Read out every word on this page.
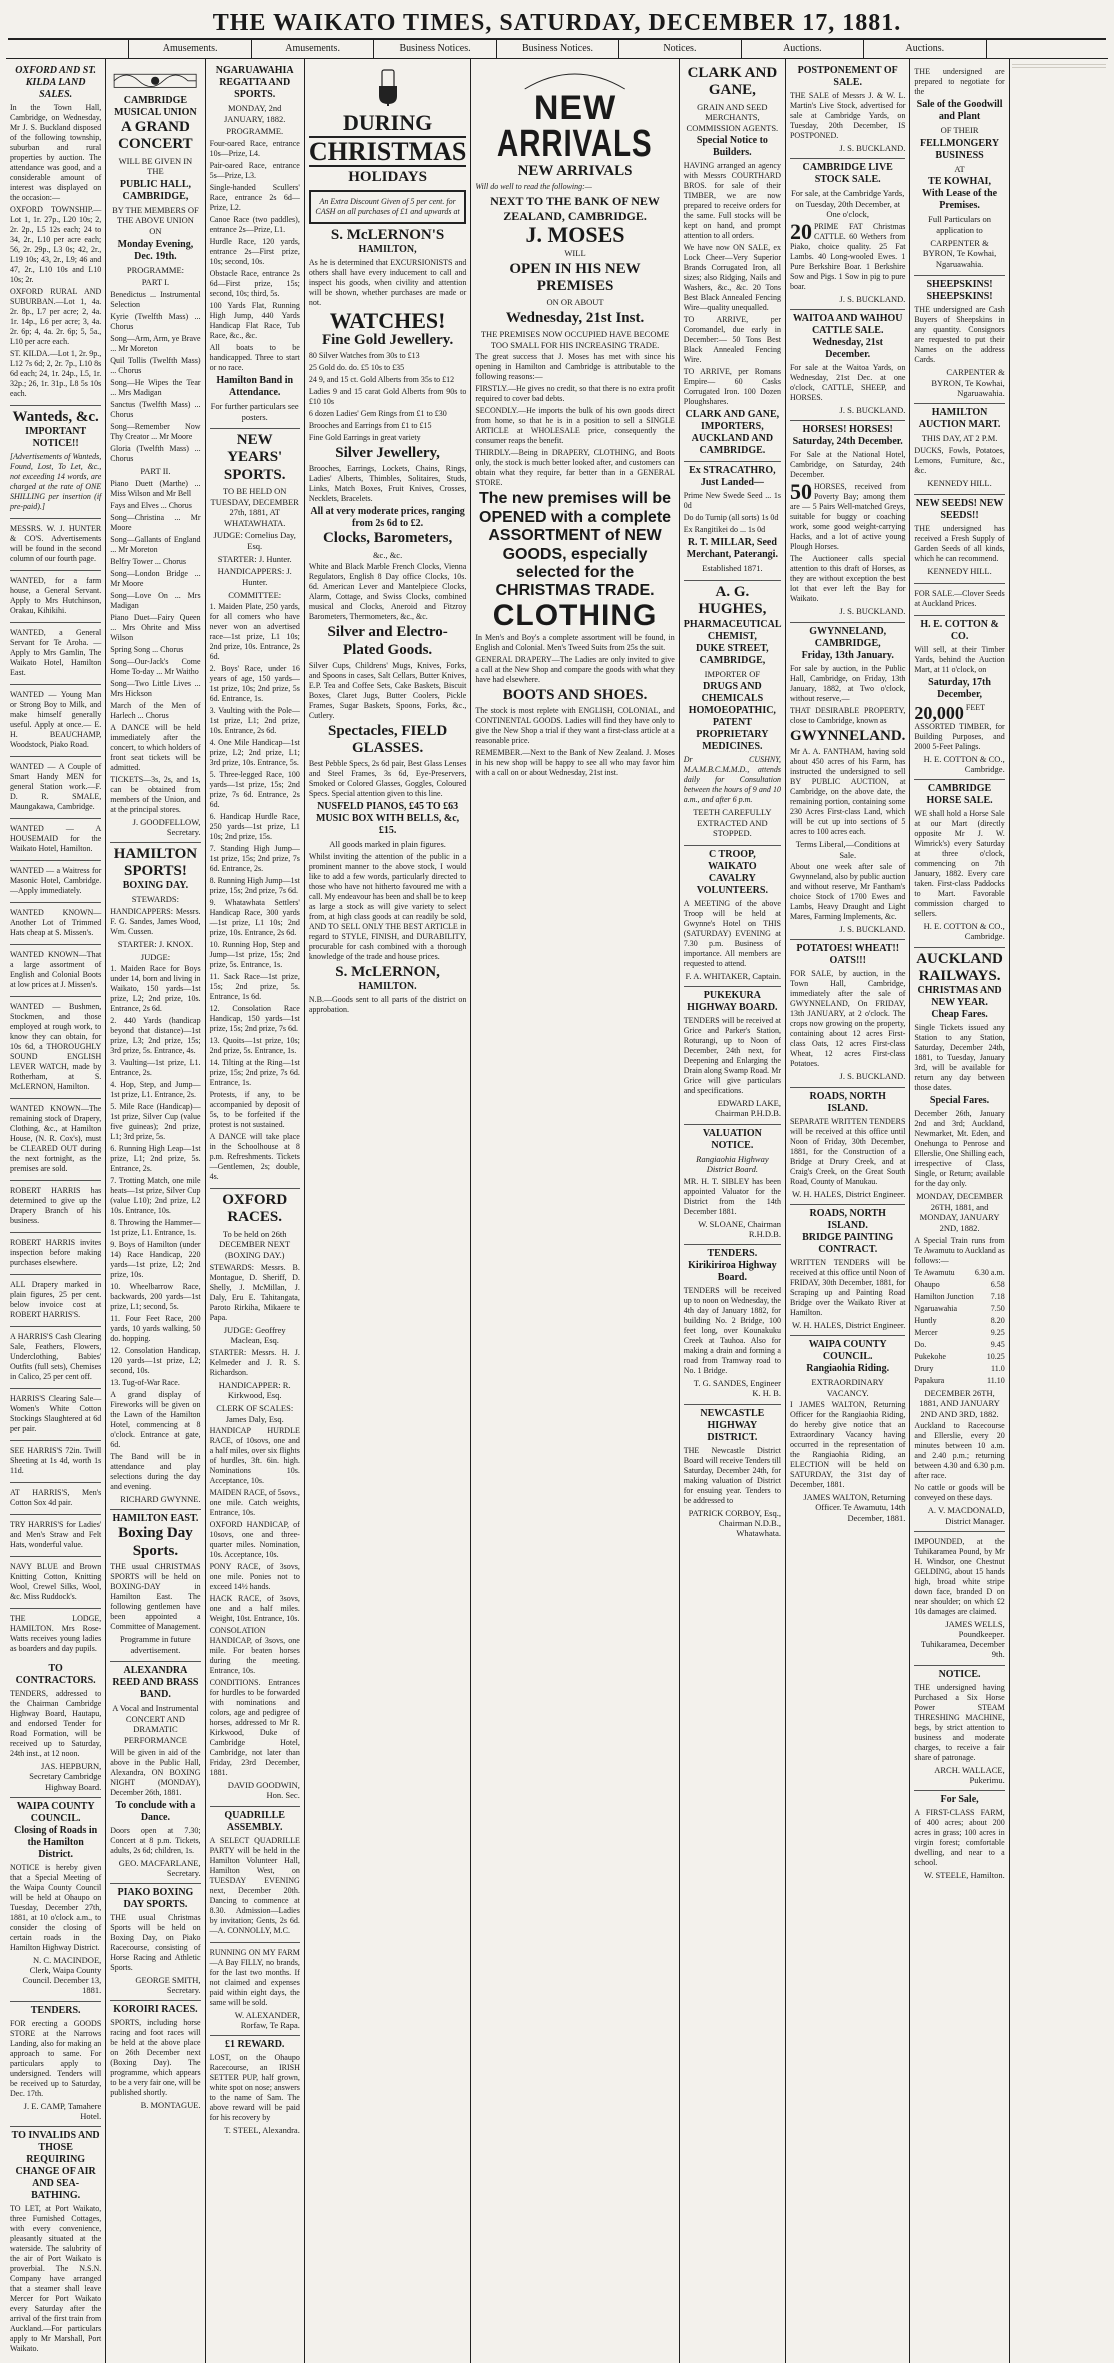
THE WAIKATO TIMES, SATURDAY, DECEMBER 17, 1881.
Amusements.	Amusements.	Business Notices.	Business Notices.	Notices.	Auctions.	Auctions.
OXFORD AND ST. KILDA LAND SALES.

In the Town Hall, Cambridge, on Wednesday, Mr J. S. Buckland disposed of the following township, suburban and rural properties by auction. The attendance was good, and a considerable amount of interest was displayed on the occasion:—

OXFORD TOWNSHIP.—Lot 1, 1r. 27p., L20 10s; 2, 2r. 2p., L5 12s each; 24 to 34, 2r., L10 per acre each; 56, 2r. 29p., L3 0s; 42, 2r., L19 10s; 43, 2r., L9; 46 and 47, 2r., L10 10s and L10 10s; 2r.

OXFORD RURAL AND SUBURBAN.—Lot 1, 4a. 2r. 8p., L7 per acre; 2, 4a. 1r. 14p., L6 per acre; 3, 4a. 2r. 6p; 4, 4a. 2r. 6p; 5, 5a., L10 per acre each.

ST. KILDA.—Lot 1, 2r. 9p., L12 7s 6d; 2, 2r. 7p., L10 8s 6d each; 24, 1r. 24p., L5, 1r. 32p.; 26, 1r. 31p., L8 5s 10s each.

Wanteds, &c.
IMPORTANT NOTICE!!

[Advertisements of Wanteds, Found, Lost, To Let, &c., not exceeding 14 words, are charged at the rate of ONE SHILLING per insertion (if pre-paid).]

MESSRS. W. J. HUNTER & CO'S. Advertisements will be found in the second column of our fourth page.

WANTED, for a farm house, a General Servant. Apply to Mrs Hutchinson, Orakau, Kihikihi.

WANTED, a General Servant for Te Aroha. — Apply to Mrs Gamlin, The Waikato Hotel, Hamilton East.

WANTED — Young Man or Strong Boy to Milk, and make himself generally useful. Apply at once.— E. H. BEAUCHAMP, Woodstock, Piako Road.

WANTED — A Couple of Smart Handy MEN for general Station work.—F. D. R. SMALE, Maungakawa, Cambridge.

WANTED — A HOUSEMAID for the Waikato Hotel, Hamilton.

WANTED — a Waitress for Masonic Hotel, Cambridge.—Apply immediately.

WANTED KNOWN—Another Lot of Trimmed Hats cheap at S. Missen's.

WANTED KNOWN—That a large assortment of English and Colonial Boots at low prices at J. Missen's.

WANTED — Bushmen, Stockmen, and those employed at rough work, to know they can obtain, for 10s 6d, a THOROUGHLY SOUND ENGLISH LEVER WATCH, made by Rotherham, at S. McLERNON, Hamilton.

WANTED KNOWN—The remaining stock of Drapery, Clothing, &c., at Hamilton House, (N. R. Cox's), must be CLEARED OUT during the next fortnight, as the premises are sold.

ROBERT HARRIS has determined to give up the Drapery Branch of his business.

ROBERT HARRIS invites inspection before making purchases elsewhere.

ALL Drapery marked in plain figures, 25 per cent. below invoice cost at ROBERT HARRIS'S.

A HARRIS'S Cash Clearing Sale, Feathers, Flowers, Underclothing, Babies' Outfits (full sets), Chemises in Calico, 25 per cent off.

HARRIS'S Clearing Sale—Women's White Cotton Stockings Slaughtered at 6d per pair.

SEE HARRIS'S 72in. Twill Sheeting at 1s 4d, worth 1s 11d.

AT HARRIS'S, Men's Cotton Sox 4d pair.

TRY HARRIS'S for Ladies' and Men's Straw and Felt Hats, wonderful value.

NAVY BLUE and Brown Knitting Cotton, Knitting Wool, Crewel Silks, Wool, &c. Miss Ruddock's.

THE LODGE, HAMILTON. Mrs Rose-Watts receives young ladies as boarders and day pupils.

TO CONTRACTORS.

TENDERS, addressed to the Chairman Cambridge Highway Board, Hautapu, and endorsed Tender for Road Formation, will be received up to Saturday, 24th inst., at 12 noon.

JAS. HEPBURN, Secretary Cambridge Highway Board.

WAIPA COUNTY COUNCIL.
Closing of Roads in the Hamilton District.

NOTICE is hereby given that a Special Meeting of the Waipa County Council will be held at Ohaupo on Tuesday, December 27th, 1881, at 10 o'clock a.m., to consider the closing of certain roads in the Hamilton Highway District.

N. C. MACINDOE, Clerk, Waipa County Council. December 13, 1881.

TENDERS.

FOR erecting a GOODS STORE at the Narrows Landing, also for making an approach to same. For particulars apply to undersigned. Tenders will be received up to Saturday, Dec. 17th.

J. E. CAMP, Tamahere Hotel.

TO INVALIDS AND THOSE REQUIRING CHANGE OF AIR AND SEA-BATHING.

TO LET, at Port Waikato, three Furnished Cottages, with every convenience, pleasantly situated at the waterside. The salubrity of the air of Port Waikato is proverbial. The N.S.N. Company have arranged that a steamer shall leave Mercer for Port Waikato every Saturday after the arrival of the first train from Auckland.—For particulars apply to Mr Marshall, Port Waikato.

CAMBRIDGE MUSICAL UNION
A GRAND CONCERT
WILL BE GIVEN IN THE
PUBLIC HALL, CAMBRIDGE,
BY THE MEMBERS OF THE ABOVE UNION ON
Monday Evening, Dec. 19th.
PROGRAMME:
PART I.

Benedictus ... Instrumental Selection

Kyrie (Twelfth Mass) ... Chorus

Song—Arm, Arm, ye Brave ... Mr Moreton

Quil Tollis (Twelfth Mass) ... Chorus

Song—He Wipes the Tear ... Mrs Madigan

Sanctus (Twelfth Mass) ... Chorus

Song—Remember Now Thy Creator ... Mr Moore

Gloria (Twelfth Mass) ... Chorus

PART II.

Piano Duett (Marthe) ... Miss Wilson and Mr Bell

Fays and Elves ... Chorus

Song—Christina ... Mr Moore

Song—Gallants of England ... Mr Moreton

Belfry Tower ... Chorus

Song—London Bridge ... Mr Moore

Song—Love On ... Mrs Madigan

Piano Duet—Fairy Queen ... Mrs Ohrite and Miss Wilson

Spring Song ... Chorus

Song—Our-Jack's Come Home To-day ... Mr Waitho

Song—Two Little Lives ... Mrs Hickson

March of the Men of Harlech ... Chorus

A DANCE will be held immediately after the concert, to which holders of front seat tickets will be admitted.

TICKETS—3s, 2s, and 1s, can be obtained from members of the Union, and at the principal stores.

J. GOODFELLOW, Secretary.

HAMILTON SPORTS!
BOXING DAY.
STEWARDS:

HANDICAPPERS: Messrs. F. G. Sandes, James Wood, Wm. Cussen.

STARTER: J. KNOX.
JUDGE:

1. Maiden Race for Boys under 14, born and living in Waikato, 150 yards—1st prize, L2; 2nd prize, 10s. Entrance, 2s 6d.

2. 440 Yards (handicap beyond that distance)—1st prize, L3; 2nd prize, 15s; 3rd prize, 5s. Entrance, 4s.

3. Vaulting—1st prize, L1. Entrance, 2s.

4. Hop, Step, and Jump—1st prize, L1. Entrance, 2s.

5. Mile Race (Handicap)—1st prize, Silver Cup (value five guineas); 2nd prize, L1; 3rd prize, 5s.

6. Running High Leap—1st prize, L1; 2nd prize, 5s. Entrance, 2s.

7. Trotting Match, one mile heats—1st prize, Silver Cup (value L10); 2nd prize, L2 10s. Entrance, 10s.

8. Throwing the Hammer—1st prize, L1. Entrance, 1s.

9. Boys of Hamilton (under 14) Race Handicap, 220 yards—1st prize, L2; 2nd prize, 10s.

10. Wheelbarrow Race, backwards, 200 yards—1st prize, L1; second, 5s.

11. Four Feet Race, 200 yards, 10 yards walking, 50 do. hopping.

12. Consolation Handicap, 120 yards—1st prize, L2; second, 10s.

13. Tug-of-War Race.

A grand display of Fireworks will be given on the Lawn of the Hamilton Hotel, commencing at 8 o'clock. Entrance at gate, 6d.

The Band will be in attendance and play selections during the day and evening.

RICHARD GWYNNE.

HAMILTON EAST.
Boxing Day Sports.

THE usual CHRISTMAS SPORTS will be held on BOXING-DAY in Hamilton East. The following gentlemen have been appointed a Committee of Management.

Programme in future advertisement.
ALEXANDRA REED AND BRASS BAND.
A Vocal and Instrumental CONCERT AND DRAMATIC PERFORMANCE

Will be given in aid of the above in the Public Hall, Alexandra, ON BOXING NIGHT (MONDAY), December 26th, 1881.

To conclude with a Dance.

Doors open at 7.30; Concert at 8 p.m. Tickets, adults, 2s 6d; children, 1s.

GEO. MACFARLANE, Secretary.

PIAKO BOXING DAY SPORTS.

THE usual Christmas Sports will be held on Boxing Day, on Piako Racecourse, consisting of Horse Racing and Athletic Sports.

GEORGE SMITH, Secretary.

KOROIRI RACES.

SPORTS, including horse racing and foot races will be held at the above place on 26th December next (Boxing Day). The programme, which appears to be a very fair one, will be published shortly.

B. MONTAGUE.

NGARUAWAHIA REGATTA AND SPORTS.
MONDAY, 2nd JANUARY, 1882.
PROGRAMME.

Four-oared Race, entrance 10s—Prize, L4.

Pair-oared Race, entrance 5s—Prize, L3.

Single-handed Scullers' Race, entrance 2s 6d—Prize, L2.

Canoe Race (two paddles), entrance 2s—Prize, L1.

Hurdle Race, 120 yards, entrance 2s—First prize, 10s; second, 10s.

Obstacle Race, entrance 2s 6d—First prize, 15s; second, 10s; third, 5s.

100 Yards Flat, Running High Jump, 440 Yards Handicap Flat Race, Tub Race, &c., &c.

All boats to be handicapped. Three to start or no race.

Hamilton Band in Attendance.
For further particulars see posters.
NEW YEARS' SPORTS.
TO BE HELD ON TUESDAY, DECEMBER 27th, 1881, AT WHATAWHATA.
JUDGE: Cornelius Day, Esq.
STARTER: J. Hunter.
HANDICAPPERS: J. Hunter.
COMMITTEE:

1. Maiden Plate, 250 yards, for all comers who have never won an advertised race—1st prize, L1 10s; 2nd prize, 10s. Entrance, 2s 6d.

2. Boys' Race, under 16 years of age, 150 yards—1st prize, 10s; 2nd prize, 5s 6d. Entrance, 1s.

3. Vaulting with the Pole—1st prize, L1; 2nd prize, 10s. Entrance, 2s 6d.

4. One Mile Handicap—1st prize, L2; 2nd prize, L1; 3rd prize, 10s. Entrance, 5s.

5. Three-legged Race, 100 yards—1st prize, 15s; 2nd prize, 7s 6d. Entrance, 2s 6d.

6. Handicap Hurdle Race, 250 yards—1st prize, L1 10s; 2nd prize, 15s.

7. Standing High Jump—1st prize, 15s; 2nd prize, 7s 6d. Entrance, 2s.

8. Running High Jump—1st prize, 15s; 2nd prize, 7s 6d.

9. Whatawhata Settlers' Handicap Race, 300 yards—1st prize, L1 10s; 2nd prize, 10s. Entrance, 2s 6d.

10. Running Hop, Step and Jump—1st prize, 15s; 2nd prize, 5s. Entrance, 1s.

11. Sack Race—1st prize, 15s; 2nd prize, 5s. Entrance, 1s 6d.

12. Consolation Race Handicap, 150 yards—1st prize, 15s; 2nd prize, 7s 6d.

13. Quoits—1st prize, 10s; 2nd prize, 5s. Entrance, 1s.

14. Tilting at the Ring—1st prize, 15s; 2nd prize, 7s 6d. Entrance, 1s.

Protests, if any, to be accompanied by deposit of 5s, to be forfeited if the protest is not sustained.

A DANCE will take place in the Schoolhouse at 8 p.m. Refreshments. Tickets—Gentlemen, 2s; double, 4s.

OXFORD RACES.
To be held on 26th DECEMBER NEXT (BOXING DAY.)

STEWARDS: Messrs. B. Montague, D. Sheriff, D. Shelly, J. McMillan, J. Daly, Eru E. Tahitangata, Paroto Rirkiha, Mikaere te Papa.

JUDGE: Geoffrey Maclean, Esq.

STARTER: Messrs. H. J. Kelmeder and J. R. S. Richardson.

HANDICAPPER: R. Kirkwood, Esq.
CLERK OF SCALES: James Daly, Esq.

HANDICAP HURDLE RACE, of 10sovs, one and a half miles, over six flights of hurdles, 3ft. 6in. high. Nominations 10s. Acceptance, 10s.

MAIDEN RACE, of 5sovs., one mile. Catch weights, Entrance, 10s.

OXFORD HANDICAP, of 10sovs, one and three-quarter miles. Nomination, 10s. Acceptance, 10s.

PONY RACE, of 3sovs, one mile. Ponies not to exceed 14½ hands.

HACK RACE, of 3sovs, one and a half miles. Weight, 10st. Entrance, 10s.

CONSOLATION HANDICAP, of 3sovs, one mile. For beaten horses during the meeting. Entrance, 10s.

CONDITIONS. Entrances for hurdles to be forwarded with nominations and colors, age and pedigree of horses, addressed to Mr R. Kirkwood, Duke of Cambridge Hotel, Cambridge, not later than Friday, 23rd December, 1881.

DAVID GOODWIN, Hon. Sec.

QUADRILLE ASSEMBLY.

A SELECT QUADRILLE PARTY will be held in the Hamilton Volunteer Hall, Hamilton West, on TUESDAY EVENING next, December 20th. Dancing to commence at 8.30. Admission—Ladies by invitation; Gents, 2s 6d.—A. CONNOLLY, M.C.

RUNNING ON MY FARM—A Bay FILLY, no brands, for the last two months. If not claimed and expenses paid within eight days, the same will be sold.

W. ALEXANDER, Rorfaw, Te Rapa.

£1 REWARD.

LOST, on the Ohaupo Racecourse, an IRISH SETTER PUP, half grown, white spot on nose; answers to the name of Sam. The above reward will be paid for his recovery by

T. STEEL, Alexandra.

DURING
CHRISTMAS
HOLIDAYS

An Extra Discount Given of 5 per cent. for CASH on all purchases of £1 and upwards at

S. McLERNON'S
HAMILTON,

As he is determined that EXCURSIONISTS and others shall have every inducement to call and inspect his goods, when civility and attention will be shown, whether purchases are made or not.

WATCHES!
Fine Gold Jewellery.

80 Silver Watches from 30s to £13

25 Gold do. do. £5 10s to £35

24 9, and 15 ct. Gold Alberts from 35s to £12

Ladies 9 and 15 carat Gold Alberts from 90s to £10 10s

6 dozen Ladies' Gem Rings from £1 to £30

Brooches and Earrings from £1 to £15

Fine Gold Earrings in great variety

Silver Jewellery,

Brooches, Earrings, Lockets, Chains, Rings, Ladies' Alberts, Thimbles, Solitaires, Studs, Links, Match Boxes, Fruit Knives, Crosses, Necklets, Bracelets.

All at very moderate prices, ranging from 2s 6d to £2.
Clocks, Barometers,
&c., &c.

White and Black Marble French Clocks, Vienna Regulators, English 8 Day office Clocks, 10s. 6d. American Lever and Mantelpiece Clocks, Alarm, Cottage, and Swiss Clocks, combined musical and Clocks, Aneroid and Fitzroy Barometers, Thermometers, &c., &c.

Silver and Electro-Plated Goods.

Silver Cups, Childrens' Mugs, Knives, Forks, and Spoons in cases, Salt Cellars, Butter Knives, E.P. Tea and Coffee Sets, Cake Baskets, Biscuit Boxes, Claret Jugs, Butter Coolers, Pickle Frames, Sugar Baskets, Spoons, Forks, &c., Cutlery.

Spectacles, FIELD GLASSES.

Best Pebble Specs, 2s 6d pair, Best Glass Lenses and Steel Frames, 3s 6d, Eye-Preservers, Smoked or Colored Glasses, Goggles, Coloured Specs. Special attention given to this line.

NUSFELD PIANOS, £45 TO £63 MUSIC BOX WITH BELLS, &c, £15.
All goods marked in plain figures.

Whilst inviting the attention of the public in a prominent manner to the above stock, I would like to add a few words, particularly directed to those who have not hitherto favoured me with a call. My endeavour has been and shall be to keep as large a stock as will give variety to select from, at high class goods at can readily be sold, AND TO SELL ONLY THE BEST ARTICLE in regard to STYLE, FINISH, and DURABILITY, procurable for cash combined with a thorough knowledge of the trade and house prices.

S. McLERNON,
HAMILTON.

N.B.—Goods sent to all parts of the district on approbation.

NEW
ARRIVALS
NEW ARRIVALS

Will do well to read the following:—

NEXT TO THE BANK OF NEW ZEALAND, CAMBRIDGE.
J. MOSES
WILL
OPEN IN HIS NEW PREMISES
ON OR ABOUT
Wednesday, 21st Inst.

THE PREMISES NOW OCCUPIED HAVE BECOME TOO SMALL FOR HIS INCREASING TRADE.

The great success that J. Moses has met with since his opening in Hamilton and Cambridge is attributable to the following reasons:—

FIRSTLY.—He gives no credit, so that there is no extra profit required to cover bad debts.

SECONDLY.—He imports the bulk of his own goods direct from home, so that he is in a position to sell a SINGLE ARTICLE at WHOLESALE price, consequently the consumer reaps the benefit.

THIRDLY.—Being in DRAPERY, CLOTHING, and Boots only, the stock is much better looked after, and customers can obtain what they require, far better than in a GENERAL STORE.

The new premises will be OPENED with a complete ASSORTMENT of NEW GOODS, especially selected for the CHRISTMAS TRADE.
CLOTHING

In Men's and Boy's a complete assortment will be found, in English and Colonial. Men's Tweed Suits from 25s the suit.

GENERAL DRAPERY—The Ladies are only invited to give a call at the New Shop and compare the goods with what they have had elsewhere.

BOOTS AND SHOES.

The stock is most replete with ENGLISH, COLONIAL, and CONTINENTAL GOODS. Ladies will find they have only to give the New Shop a trial if they want a first-class article at a reasonable price.

REMEMBER.—Next to the Bank of New Zealand. J. Moses in his new shop will be happy to see all who may favor him with a call on or about Wednesday, 21st inst.

CLARK AND GANE,
GRAIN AND SEED MERCHANTS, COMMISSION AGENTS.
Special Notice to Builders.

HAVING arranged an agency with Messrs COURTHARD BROS. for sale of their TIMBER, we are now prepared to receive orders for the same. Full stocks will be kept on hand, and prompt attention to all orders.

We have now ON SALE, ex Lock Cheer—Very Superior Brands Corrugated Iron, all sizes; also Ridging, Nails and Washers, &c., &c. 20 Tons Best Black Annealed Fencing Wire—quality unequalled.

TO ARRIVE, per Coromandel, due early in December:— 50 Tons Best Black Annealed Fencing Wire.

TO ARRIVE, per Romans Empire— 60 Casks Corrugated Iron. 100 Dozen Ploughshares.

CLARK AND GANE, IMPORTERS, AUCKLAND AND CAMBRIDGE.
Ex STRACATHRO, Just Landed—

Prime New Swede Seed ... 1s 0d

Do do Turnip (all sorts) 1s 0d

Ex Rangitikei do ... 1s 0d

R. T. MILLAR, Seed Merchant, Paterangi.
Established 1871.
A. G. HUGHES,
PHARMACEUTICAL CHEMIST,
DUKE STREET, CAMBRIDGE,
IMPORTER OF
DRUGS AND CHEMICALS
HOMOEOPATHIC,
PATENT
PROPRIETARY MEDICINES.

Dr CUSHNY, M.A.M.B.C.M.M.D., attends daily for Consultation between the hours of 9 and 10 a.m., and after 6 p.m.

TEETH CAREFULLY EXTRACTED AND STOPPED.
C TROOP, WAIKATO CAVALRY VOLUNTEERS.

A MEETING of the above Troop will be held at Gwynne's Hotel on THIS (SATURDAY) EVENING at 7.30 p.m. Business of importance. All members are requested to attend.

F. A. WHITAKER, Captain.

PUKEKURA HIGHWAY BOARD.

TENDERS will be received at Grice and Parker's Station, Roturangi, up to Noon of December, 24th next, for Deepening and Enlarging the Drain along Swamp Road. Mr Grice will give particulars and specifications.

EDWARD LAKE, Chairman P.H.D.B.

VALUATION NOTICE.
Rangiaohia Highway District Board.

MR. H. T. SIBLEY has been appointed Valuator for the District from the 14th December 1881.

W. SLOANE, Chairman R.H.D.B.

TENDERS.
Kirikiriroa Highway Board.

TENDERS will be received up to noon on Wednesday, the 4th day of January 1882, for building No. 2 Bridge, 100 feet long, over Kounakuku Creek at Tauhoa. Also for making a drain and forming a road from Tramway road to No. 1 Bridge.

T. G. SANDES, Engineer K. H. B.

NEWCASTLE HIGHWAY DISTRICT.

THE Newcastle District Board will receive Tenders till Saturday, December 24th, for making valuation of District for ensuing year. Tenders to be addressed to

PATRICK CORBOY, Esq., Chairman N.D.B., Whatawhata.

POSTPONEMENT OF SALE.

THE SALE of Messrs J. & W. L. Martin's Live Stock, advertised for sale at Cambridge Yards, on Tuesday, 20th December, IS POSTPONED.

J. S. BUCKLAND.

CAMBRIDGE LIVE STOCK SALE.

For sale, at the Cambridge Yards, on Tuesday, 20th December, at One o'clock,

20 PRIME FAT Christmas CATTLE. 60 Wethers from Piako, choice quality. 25 Fat Lambs. 40 Long-wooled Ewes. 1 Pure Berkshire Boar. 1 Berkshire Sow and Pigs. 1 Sow in pig to pure boar.

J. S. BUCKLAND.

WAITOA AND WAIHOU CATTLE SALE.
Wednesday, 21st December.

For sale at the Waitoa Yards, on Wednesday, 21st Dec. at one o'clock, CATTLE, SHEEP, and HORSES.

J. S. BUCKLAND.

HORSES! HORSES!
Saturday, 24th December.

For Sale at the National Hotel, Cambridge, on Saturday, 24th December.

50 HORSES, received from Poverty Bay; among them are — 5 Pairs Well-matched Greys, suitable for buggy or coaching work, some good weight-carrying Hacks, and a lot of active young Plough Horses.

The Auctioneer calls special attention to this draft of Horses, as they are without exception the best lot that ever left the Bay for Waikato.

J. S. BUCKLAND.

GWYNNELAND, CAMBRIDGE,
Friday, 13th January.

For sale by auction, in the Public Hall, Cambridge, on Friday, 13th January, 1882, at Two o'clock, without reserve,—

THAT DESIRABLE PROPERTY, close to Cambridge, known as

GWYNNELAND.

Mr A. A. FANTHAM, having sold about 450 acres of his Farm, has instructed the undersigned to sell BY PUBLIC AUCTION, at Cambridge, on the above date, the remaining portion, containing some 230 Acres First-class Land, which will be cut up into sections of 5 acres to 100 acres each.

Terms Liberal,—Conditions at Sale.

About one week after sale of Gwynneland, also by public auction and without reserve, Mr Fantham's choice Stock of 1700 Ewes and Lambs, Heavy Draught and Light Mares, Farming Implements, &c.

J. S. BUCKLAND.

POTATOES! WHEAT!! OATS!!!

FOR SALE, by auction, in the Town Hall, Cambridge, immediately after the sale of GWYNNELAND, On FRIDAY, 13th JANUARY, at 2 o'clock. The crops now growing on the property, containing about 12 acres First-class Oats, 12 acres First-class Wheat, 12 acres First-class Potatoes.

J. S. BUCKLAND.

ROADS, NORTH ISLAND.

SEPARATE WRITTEN TENDERS will be received at this office until Noon of Friday, 30th December, 1881, for the Construction of a Bridge at Drury Creek, and at Craig's Creek, on the Great South Road, County of Manukau.

W. H. HALES, District Engineer.

ROADS, NORTH ISLAND.
BRIDGE PAINTING CONTRACT.

WRITTEN TENDERS will be received at this office until Noon of FRIDAY, 30th December, 1881, for Scraping up and Painting Road Bridge over the Waikato River at Hamilton.

W. H. HALES, District Engineer.

WAIPA COUNTY COUNCIL.
Rangiaohia Riding.
EXTRAORDINARY VACANCY.

I JAMES WALTON, Returning Officer for the Rangiaohia Riding, do hereby give notice that an Extraordinary Vacancy having occurred in the representation of the Rangiaohia Riding, an ELECTION will be held on SATURDAY, the 31st day of December, 1881.

JAMES WALTON, Returning Officer. Te Awamutu, 14th December, 1881.

THE undersigned are prepared to negotiate for the

Sale of the Goodwill and Plant
OF THEIR
FELLMONGERY BUSINESS
AT
TE KOWHAI,
With Lease of the Premises.
Full Particulars on application to
CARPENTER & BYRON, Te Kowhai, Ngaruawahia.
SHEEPSKINS! SHEEPSKINS!

THE undersigned are Cash Buyers of Sheepskins in any quantity. Consignors are requested to put their Names on the address Cards.

CARPENTER & BYRON, Te Kowhai, Ngaruawahia.

HAMILTON AUCTION MART.
THIS DAY, AT 2 P.M.

DUCKS, Fowls, Potatoes, Lemons, Furniture, &c., &c.

KENNEDY HILL.
NEW SEEDS! NEW SEEDS!!

THE undersigned has received a Fresh Supply of Garden Seeds of all kinds, which he can recommend.

KENNEDY HILL.

FOR SALE.—Clover Seeds at Auckland Prices.

H. E. COTTON & CO.

Will sell, at their Timber Yards, behind the Auction Mart, at 11 o'clock, on

Saturday, 17th December,
20,000 FEET ASSORTED TIMBER, for Building Purposes, and 2000 5-Feet Palings.

H. E. COTTON & CO., Cambridge.

CAMBRIDGE HORSE SALE.

WE shall hold a Horse Sale at our Mart (directly opposite Mr J. W. Wimrick's) every Saturday at three o'clock, commencing on 7th January, 1882. Every care taken. First-class Paddocks to Mart. Favorable commission charged to sellers.

H. E. COTTON & CO., Cambridge.

AUCKLAND RAILWAYS.
CHRISTMAS AND NEW YEAR.
Cheap Fares.

Single Tickets issued any Station to any Station, Saturday, December 24th, 1881, to Tuesday, January 3rd, will be available for return any day between those dates.

Special Fares.

December 26th, January 2nd and 3rd; Auckland, Newmarket, Mt. Eden, and Onehunga to Penrose and Ellerslie, One Shilling each, irrespective of Class, Single, or Return; available for the day only.

MONDAY, DECEMBER 26TH, 1881, and MONDAY, JANUARY 2ND, 1882.

A Special Train runs from Te Awamutu to Auckland as follows:—

Te Awamutu	6.30 a.m.
Ohaupo	6.58
Hamilton Junction 7.18
Ngaruawahia	7.50
Huntly	8.20
Mercer	9.25
Do.	9.45
Pukekohe	10.25
Drury	11.0
Papakura	11.10

DECEMBER 26TH, 1881, AND JANUARY 2ND AND 3RD, 1882.

Auckland to Racecourse and Ellerslie, every 20 minutes between 10 a.m. and 2.40 p.m.; returning between 4.30 and 6.30 p.m. after race.

No cattle or goods will be conveyed on these days.

A. V. MACDONALD, District Manager.

IMPOUNDED, at the Tuhikaramea Pound, by Mr H. Windsor, one Chestnut GELDING, about 15 hands high, broad white stripe down face, branded D on near shoulder; on which £2 10s damages are claimed.

JAMES WELLS, Poundkeeper. Tuhikaramea, December 9th.

NOTICE.

THE undersigned having Purchased a Six Horse Power STEAM THRESHING MACHINE, begs, by strict attention to business and moderate charges, to receive a fair share of patronage.

ARCH. WALLACE, Pukerimu.

For Sale,

A FIRST-CLASS FARM, of 400 acres; about 200 acres in grass; 100 acres in virgin forest; comfortable dwelling, and near to a school.

W. STEELE, Hamilton.
